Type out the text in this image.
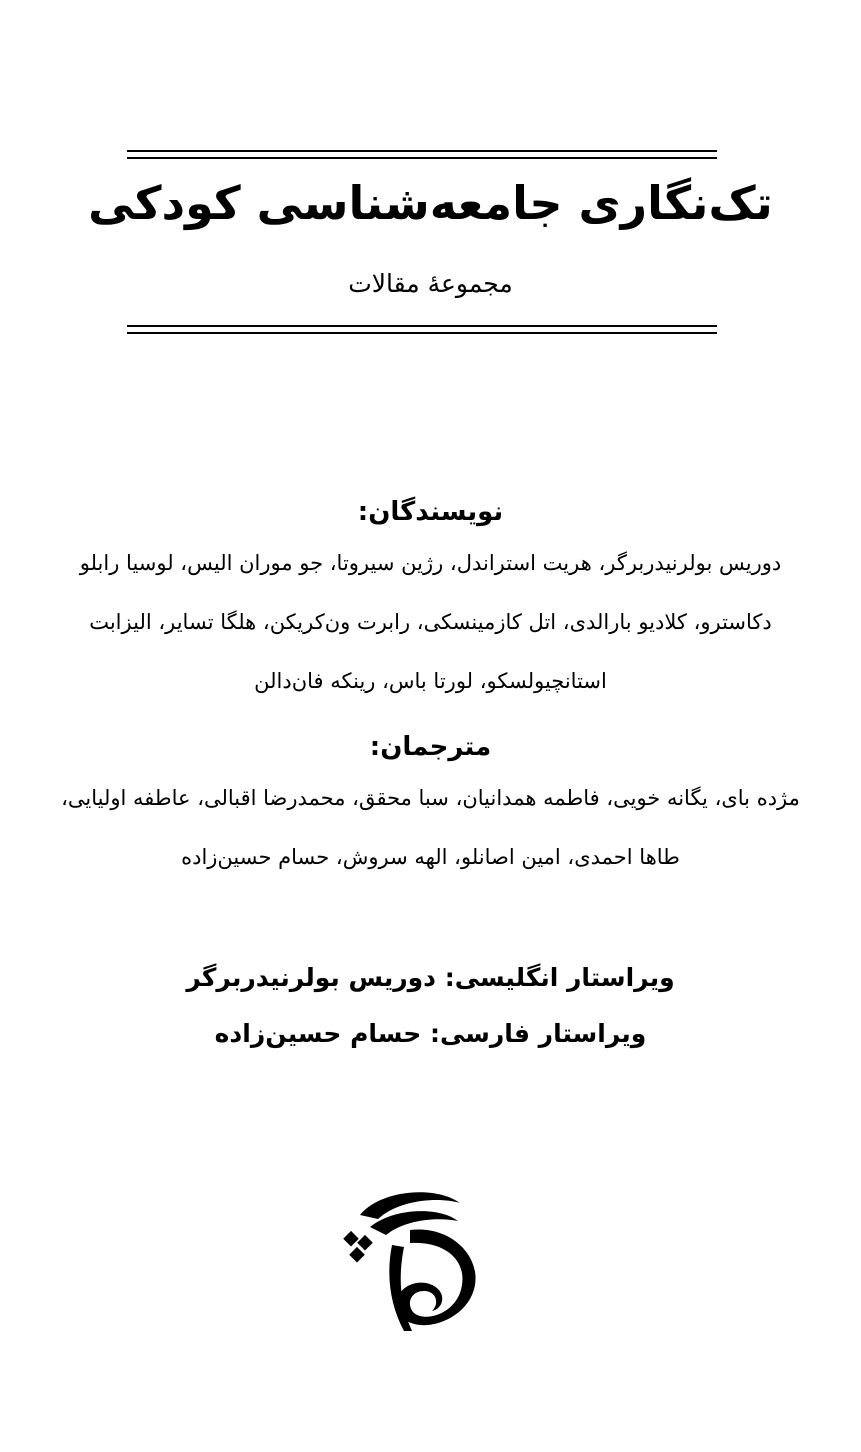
تک‌نگاری جامعه‌شناسی کودکی
مجموعۀ مقالات
نویسندگان:
دوریس بولرنیدربرگر، هریت استراندل، رژین سیروتا، جو موران الیس، لوسیا رابلو
دکاسترو، کلادیو بارالدی، اتل کازمینسکی، رابرت ون‌کریکن، هلگا تسایر، الیزابت
استانچیولسکو، لورتا باس، رینکه فان‌دالن
مترجمان:
مژده بای، یگانه خویی، فاطمه همدانیان، سبا محقق، محمدرضا اقبالی، عاطفه اولیایی،
طاها احمدی، امین اصانلو، الهه سروش، حسام حسین‌زاده
ویراستار انگلیسی: دوریس بولرنیدربرگر
ویراستار فارسی: حسام حسین‌زاده
رها
